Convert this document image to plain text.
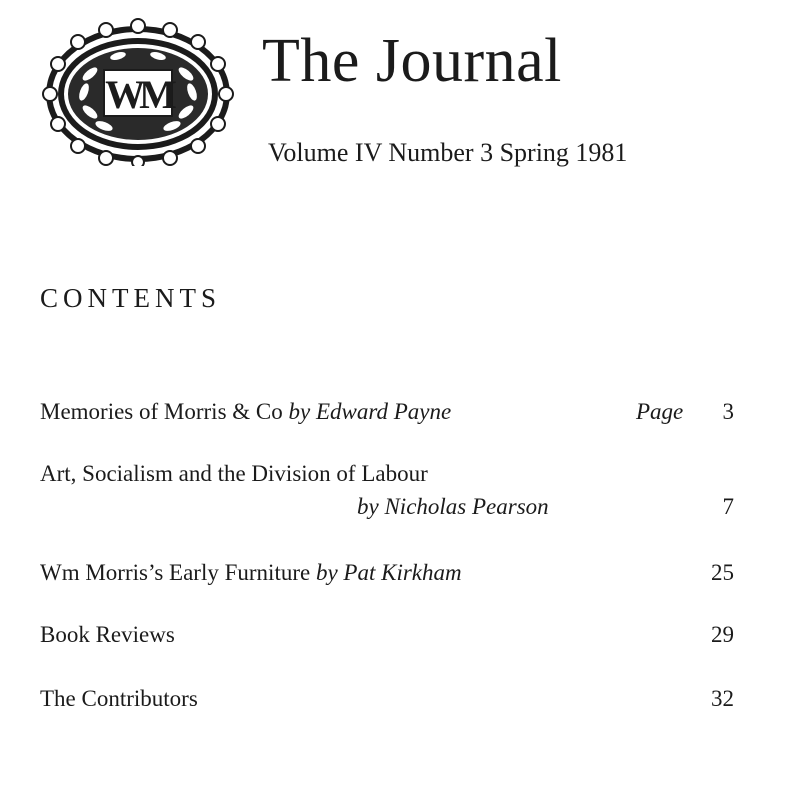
WM The Journal
Volume IV Number 3 Spring 1981
CONTENTS
Memories of Morris & Co by Edward Payne	Page 3
Art, Socialism and the Division of Labour
by Nicholas Pearson	7
Wm Morris’s Early Furniture by Pat Kirkham	25
Book Reviews	29
The Contributors	32
